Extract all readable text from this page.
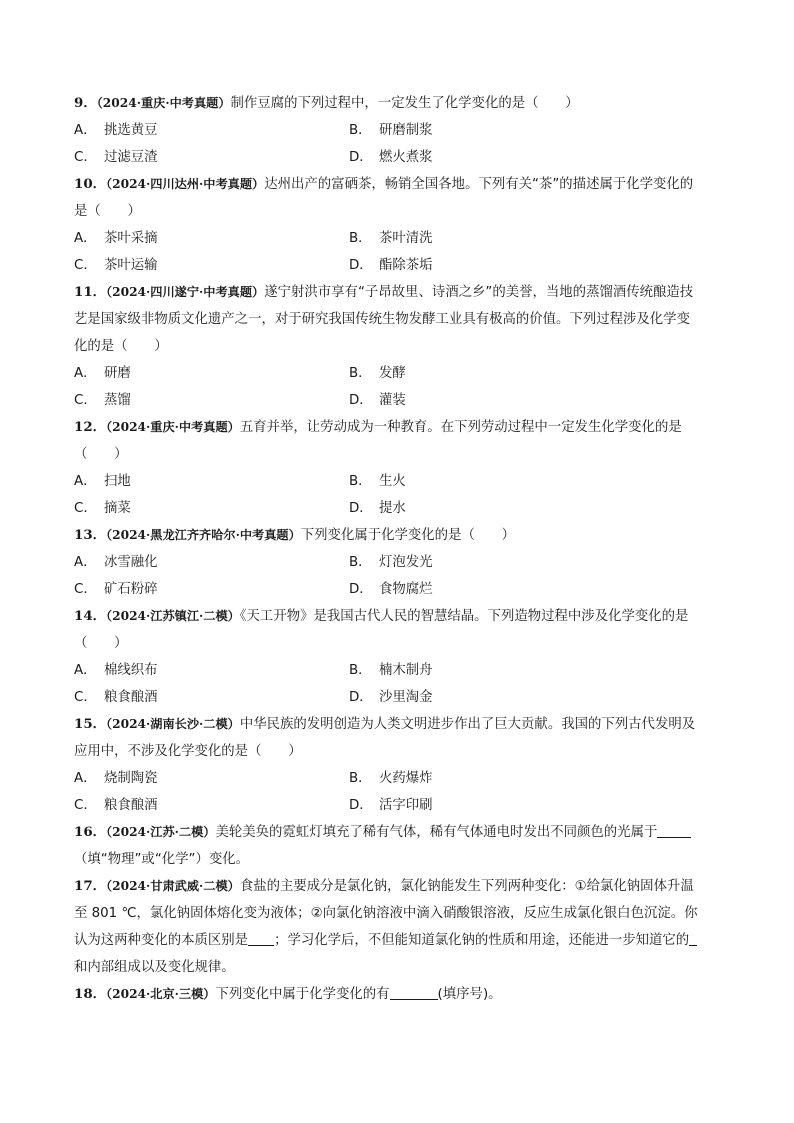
9．（2024·重庆·中考真题）制作豆腐的下列过程中，一定发生了化学变化的是（　　）
A． 挑选黄豆	B． 研磨制浆
C． 过滤豆渣	D． 燃火煮浆
10．（2024·四川达州·中考真题）达州出产的富硒茶，畅销全国各地。下列有关“茶”的描述属于化学变化的
是（　　）
A． 茶叶采摘	B． 茶叶清洗
C． 茶叶运输	D． 酯除茶垢
11．（2024·四川遂宁·中考真题）遂宁射洪市享有“子昂故里、诗酒之乡”的美誉，当地的蒸馏酒传统酿造技
艺是国家级非物质文化遗产之一，对于研究我国传统生物发酵工业具有极高的价值。下列过程涉及化学变
化的是（　　）
A． 研磨	B． 发酵
C． 蒸馏	D． 灌装
12．（2024·重庆·中考真题）五育并举，让劳动成为一种教育。在下列劳动过程中一定发生化学变化的是
（　　）
A． 扫地	B． 生火
C． 摘菜	D． 提水
13．（2024·黑龙江齐齐哈尔·中考真题）下列变化属于化学变化的是（　　）
A． 冰雪融化	B． 灯泡发光
C． 矿石粉碎	D． 食物腐烂
14．（2024·江苏镇江·二模）《天工开物》是我国古代人民的智慧结晶。下列造物过程中涉及化学变化的是
（　　）
A． 棉线织布	B． 楠木制舟
C． 粮食酿酒	D． 沙里淘金
15．（2024·湖南长沙·二模）中华民族的发明创造为人类文明进步作出了巨大贡献。我国的下列古代发明及
应用中，不涉及化学变化的是（　　）
A． 烧制陶瓷	B． 火药爆炸
C． 粮食酿酒	D． 活字印刷
16．（2024·江苏·二模）美轮美奂的霓虹灯填充了稀有气体，稀有气体通电时发出不同颜色的光属于
（填“物理”或“化学”）变化。
17．（2024·甘肃武威·二模）食盐的主要成分是氯化钠，氯化钠能发生下列两种变化：①给氯化钠固体升温
至 801 ℃，氯化钠固体熔化变为液体；②向氯化钠溶液中滴入硝酸银溶液，反应生成氯化银白色沉淀。你
认为这两种变化的本质区别是 ；学习化学后，不但能知道氯化钠的性质和用途，还能进一步知道它的
和内部组成以及变化规律。
18．（2024·北京·三模）下列变化中属于化学变化的有	(填序号)。
